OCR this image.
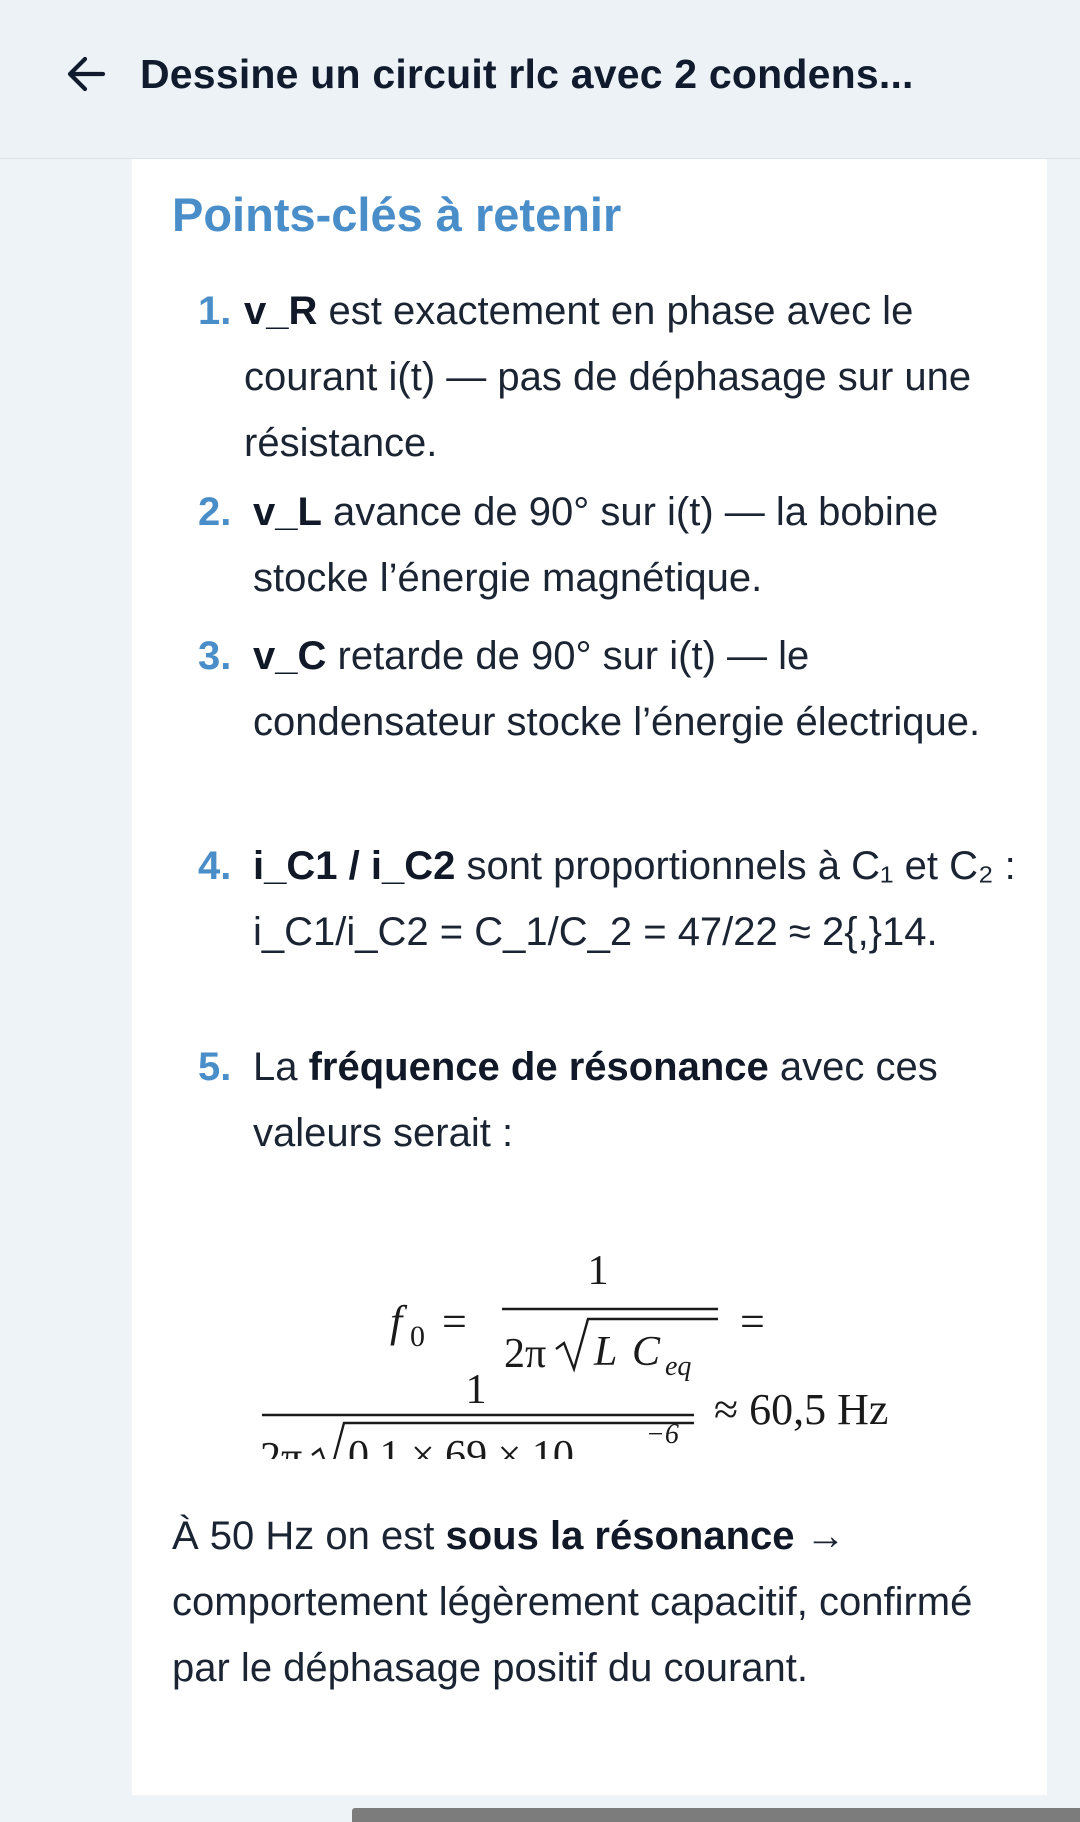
Dessine un circuit rlc avec 2 condens...
Points-clés à retenir
1. v_R est exactement en phase avec le courant i(t) — pas de déphasage sur une résistance.
2. v_L avance de 90° sur i(t) — la bobine stocke l’énergie magnétique.
3. v_C retarde de 90° sur i(t) — le condensateur stocke l’énergie électrique.
4. i_C1 / i_C2 sont proportionnels à C₁ et C₂ : i_C1/i_C2 = C_1/C_2 = 47/22 ≈ 2{,}14.
5. La fréquence de résonance avec ces valeurs serait :
f 0 =
1
2π L C eq
=
1
2π 0,1 × 69 × 10	−6
≈ 60,5 Hz
À 50 Hz on est sous la résonance → comportement légèrement capacitif, confirmé par le déphasage positif du courant.
